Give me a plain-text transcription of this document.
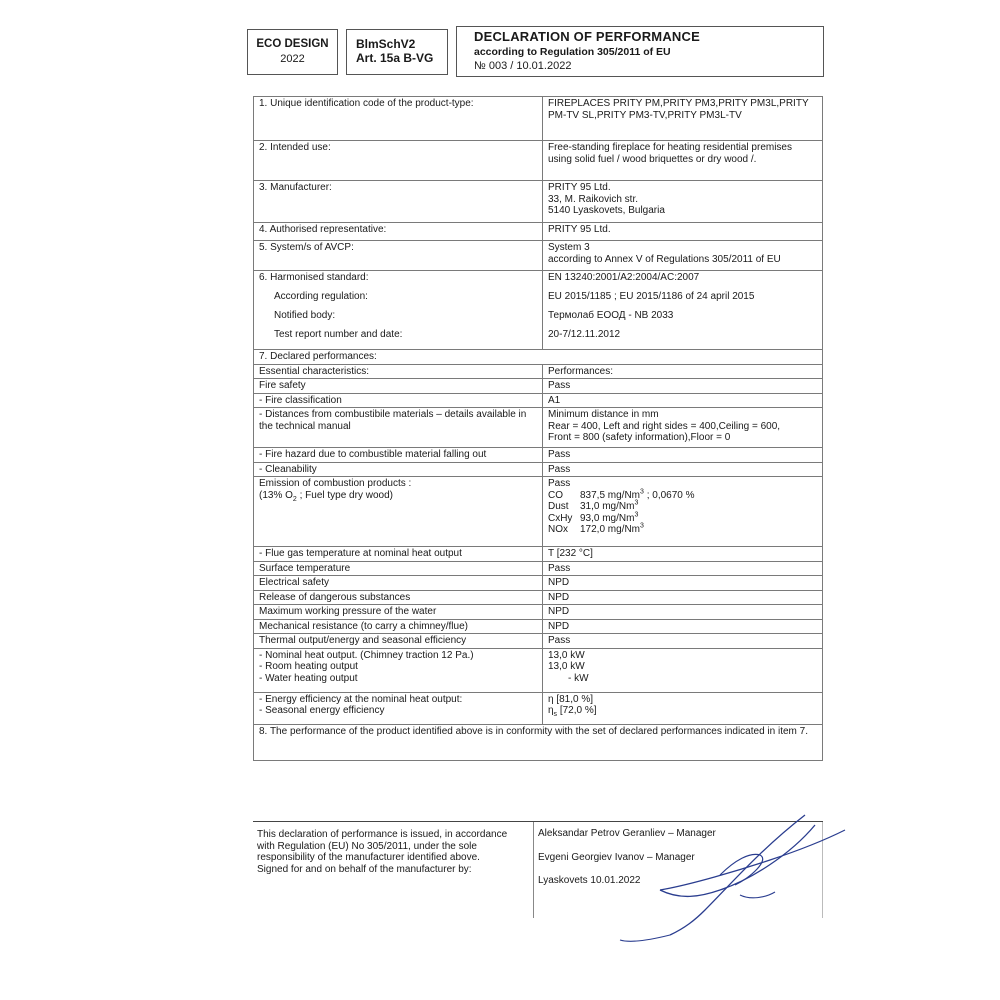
ECO DESIGN
2022
BlmSchV2
Art. 15a B-VG
DECLARATION OF PERFORMANCE
according to Regulation 305/2011 of EU
№ 003 / 10.01.2022
1. Unique identification code of the product-type:	FIREPLACES PRITY PM,PRITY PM3,PRITY PM3L,PRITY PM-TV SL,PRITY PM3-TV,PRITY PM3L-TV
2. Intended use:	Free-standing fireplace for heating residential premises using solid fuel / wood briquettes or dry wood /.
3. Manufacturer:	PRITY 95 Ltd.
33, M. Raikovich str.
5140 Lyaskovets, Bulgaria

4. Authorised representative:	PRITY 95 Ltd.
5. System/s of AVCP:	System 3
according to Annex V of Regulations 305/2011 of EU

6. Harmonised standard:	EN 13240:2001/A2:2004/AC:2007
According regulation:	EU 2015/1185 ; EU 2015/1186 of 24 april 2015
Notified body:	Термолаб ЕООД - NB 2033
Test report number and date:	20-7/12.11.2012
7. Declared performances:
Essential characteristics:	Performances:
Fire safety	Pass
- Fire classification	A1
- Distances from combustibile materials – details available in the technical manual	
Minimum distance in mm
Rear = 400, Left and right sides = 400,Ceiling = 600,
Front = 800 (safety information),Floor = 0

- Fire hazard due to combustible material falling out	Pass
- Cleanability	Pass

Emission of combustion products :
(13% $O_2$ ; Fuel type dry wood)

Pass
CO	837,5 mg/Nm$^3$ ; 0,0670 %
Dust	31,0 mg/Nm$^3$
CxHy 93,0 mg/Nm$^3$
NOx	172,0 mg/Nm$^3$

- Flue gas temperature at nominal heat output	T [232 °C]
Surface temperature	Pass
Electrical safety	NPD
Release of dangerous substances	NPD
Maximum working pressure of the water	NPD
Mechanical resistance (to carry a chimney/flue)	NPD
Thermal output/energy and seasonal efficiency	Pass

- Nominal heat output. (Chimney traction 12 Pa.)
- Room heating output
- Water heating output

13,0 kW
13,0 kW
- kW

- Energy efficiency at the nominal heat output:
- Seasonal energy efficiency

η [81,0 %]
$\eta_s$ [72,0 %]

8. The performance of the product identified above is in conformity with the set of declared performances indicated in item 7.
This declaration of performance is issued, in accordance with Regulation (EU) No 305/2011, under the sole responsibility of the manufacturer identified above.
Signed for and on behalf of the manufacturer by:
Aleksandar Petrov Geranliev – Manager
Evgeni Georgiev Ivanov – Manager
Lyaskovets 10.01.2022
